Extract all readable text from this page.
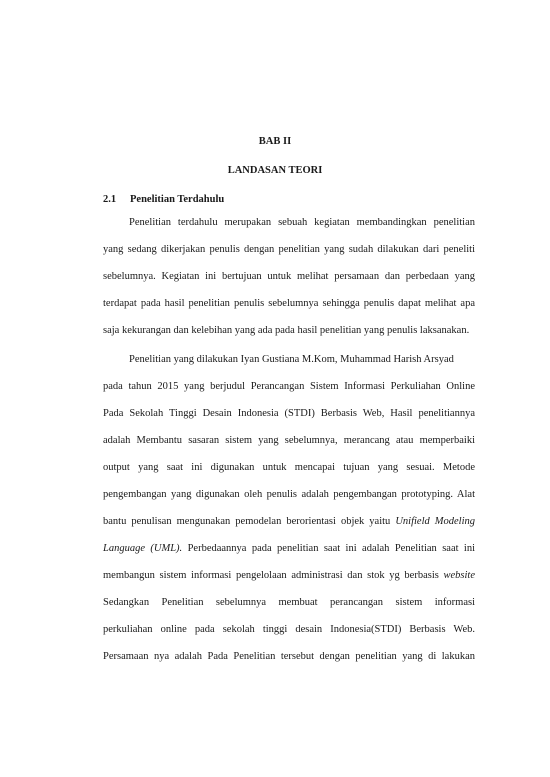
BAB II
LANDASAN TEORI
2.1 Penelitian Terdahulu
Penelitian terdahulu merupakan sebuah kegiatan membandingkan penelitian
yang sedang dikerjakan penulis dengan penelitian yang sudah dilakukan dari peneliti
sebelumnya. Kegiatan ini bertujuan untuk melihat persamaan dan perbedaan yang
terdapat pada hasil penelitian penulis sebelumnya sehingga penulis dapat melihat apa
saja kekurangan dan kelebihan yang ada pada hasil penelitian yang penulis laksanakan.
Penelitian yang dilakukan Iyan Gustiana M.Kom, Muhammad Harish Arsyad
pada tahun 2015 yang berjudul Perancangan Sistem Informasi Perkuliahan Online
Pada Sekolah Tinggi Desain Indonesia (STDI) Berbasis Web, Hasil penelitiannya
adalah Membantu sasaran sistem yang sebelumnya, merancang atau memperbaiki
output yang saat ini digunakan untuk mencapai tujuan yang sesuai. Metode
pengembangan yang digunakan oleh penulis adalah pengembangan prototyping. Alat
bantu penulisan mengunakan pemodelan berorientasi objek yaitu Unifield Modeling
Language (UML). Perbedaannya pada penelitian saat ini adalah Penelitian saat ini
membangun sistem informasi pengelolaan administrasi dan stok yg berbasis website
Sedangkan Penelitian sebelumnya membuat perancangan sistem informasi
perkuliahan online pada sekolah tinggi desain Indonesia(STDI) Berbasis Web.
Persamaan nya adalah Pada Penelitian tersebut dengan penelitian yang di lakukan
